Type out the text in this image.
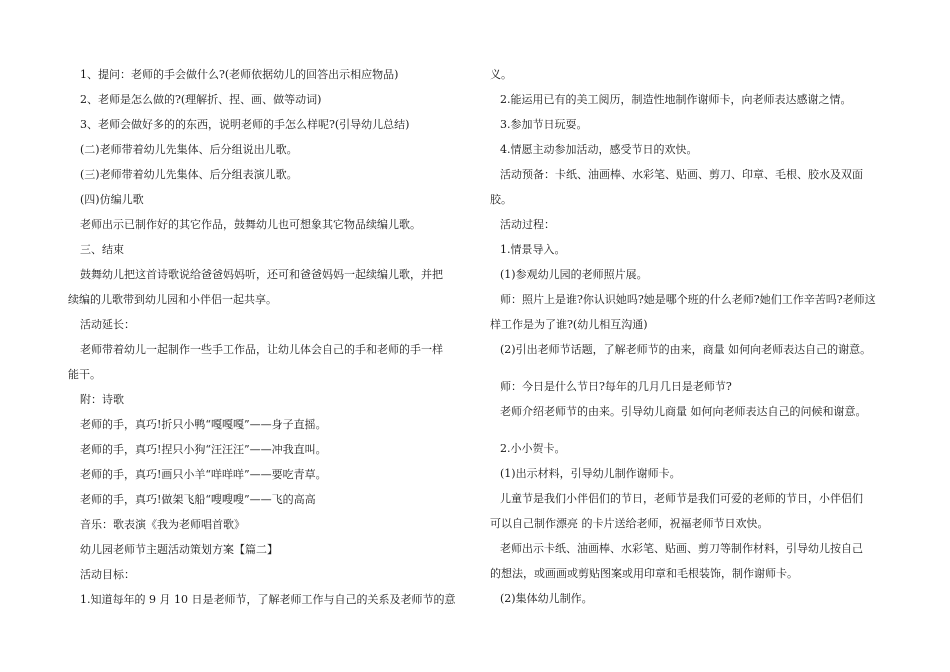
1、提问：老师的手会做什么?(老师依据幼儿的回答出示相应物品)

2、老师是怎么做的?(理解折、捏、画、做等动词)

3、老师会做好多的的东西，说明老师的手怎么样呢?(引导幼儿总结)

(二)老师带着幼儿先集体、后分组说出儿歌。

(三)老师带着幼儿先集体、后分组表演儿歌。

(四)仿编儿歌

老师出示已制作好的其它作品，鼓舞幼儿也可想象其它物品续编儿歌。

三、结束

鼓舞幼儿把这首诗歌说给爸爸妈妈听，还可和爸爸妈妈一起续编儿歌，并把

续编的儿歌带到幼儿园和小伴侣一起共享。

活动延长：

老师带着幼儿一起制作一些手工作品，让幼儿体会自己的手和老师的手一样

能干。

附：诗歌

老师的手，真巧!折只小鸭“嘎嘎嘎”——身子直摇。

老师的手，真巧!捏只小狗“汪汪汪”——冲我直叫。

老师的手，真巧!画只小羊“咩咩咩”——要吃青草。

老师的手，真巧!做架飞船“嗖嗖嗖”——飞的高高

音乐：歌表演《我为老师唱首歌》

幼儿园老师节主题活动策划方案【篇二】

活动目标：

1.知道每年的 9 月 10 日是老师节，了解老师工作与自己的关系及老师节的意

义。

2.能运用已有的美工阅历，制造性地制作谢师卡，向老师表达感谢之情。

3.参加节日玩耍。

4.情愿主动参加活动，感受节日的欢快。

活动预备：卡纸、油画棒、水彩笔、贴画、剪刀、印章、毛根、胶水及双面

胶。

活动过程：

1.情景导入。

(1)参观幼儿园的老师照片展。

师：照片上是谁?你认识她吗?她是哪个班的什么老师?她们工作辛苦吗?老师这

样工作是为了谁?(幼儿相互沟通)

(2)引出老师节话题，了解老师节的由来，商量 如何向老师表达自己的谢意。

师：今日是什么节日?每年的几月几日是老师节?

老师介绍老师节的由来。引导幼儿商量 如何向老师表达自己的问候和谢意。

2.小小贺卡。

(1)出示材料，引导幼儿制作谢师卡。

儿童节是我们小伴侣们的节日，老师节是我们可爱的老师的节日，小伴侣们

可以自己制作漂亮 的卡片送给老师，祝福老师节日欢快。

老师出示卡纸、油画棒、水彩笔、贴画、剪刀等制作材料，引导幼儿按自己

的想法，或画画或剪贴图案或用印章和毛根装饰，制作谢师卡。

(2)集体幼儿制作。
